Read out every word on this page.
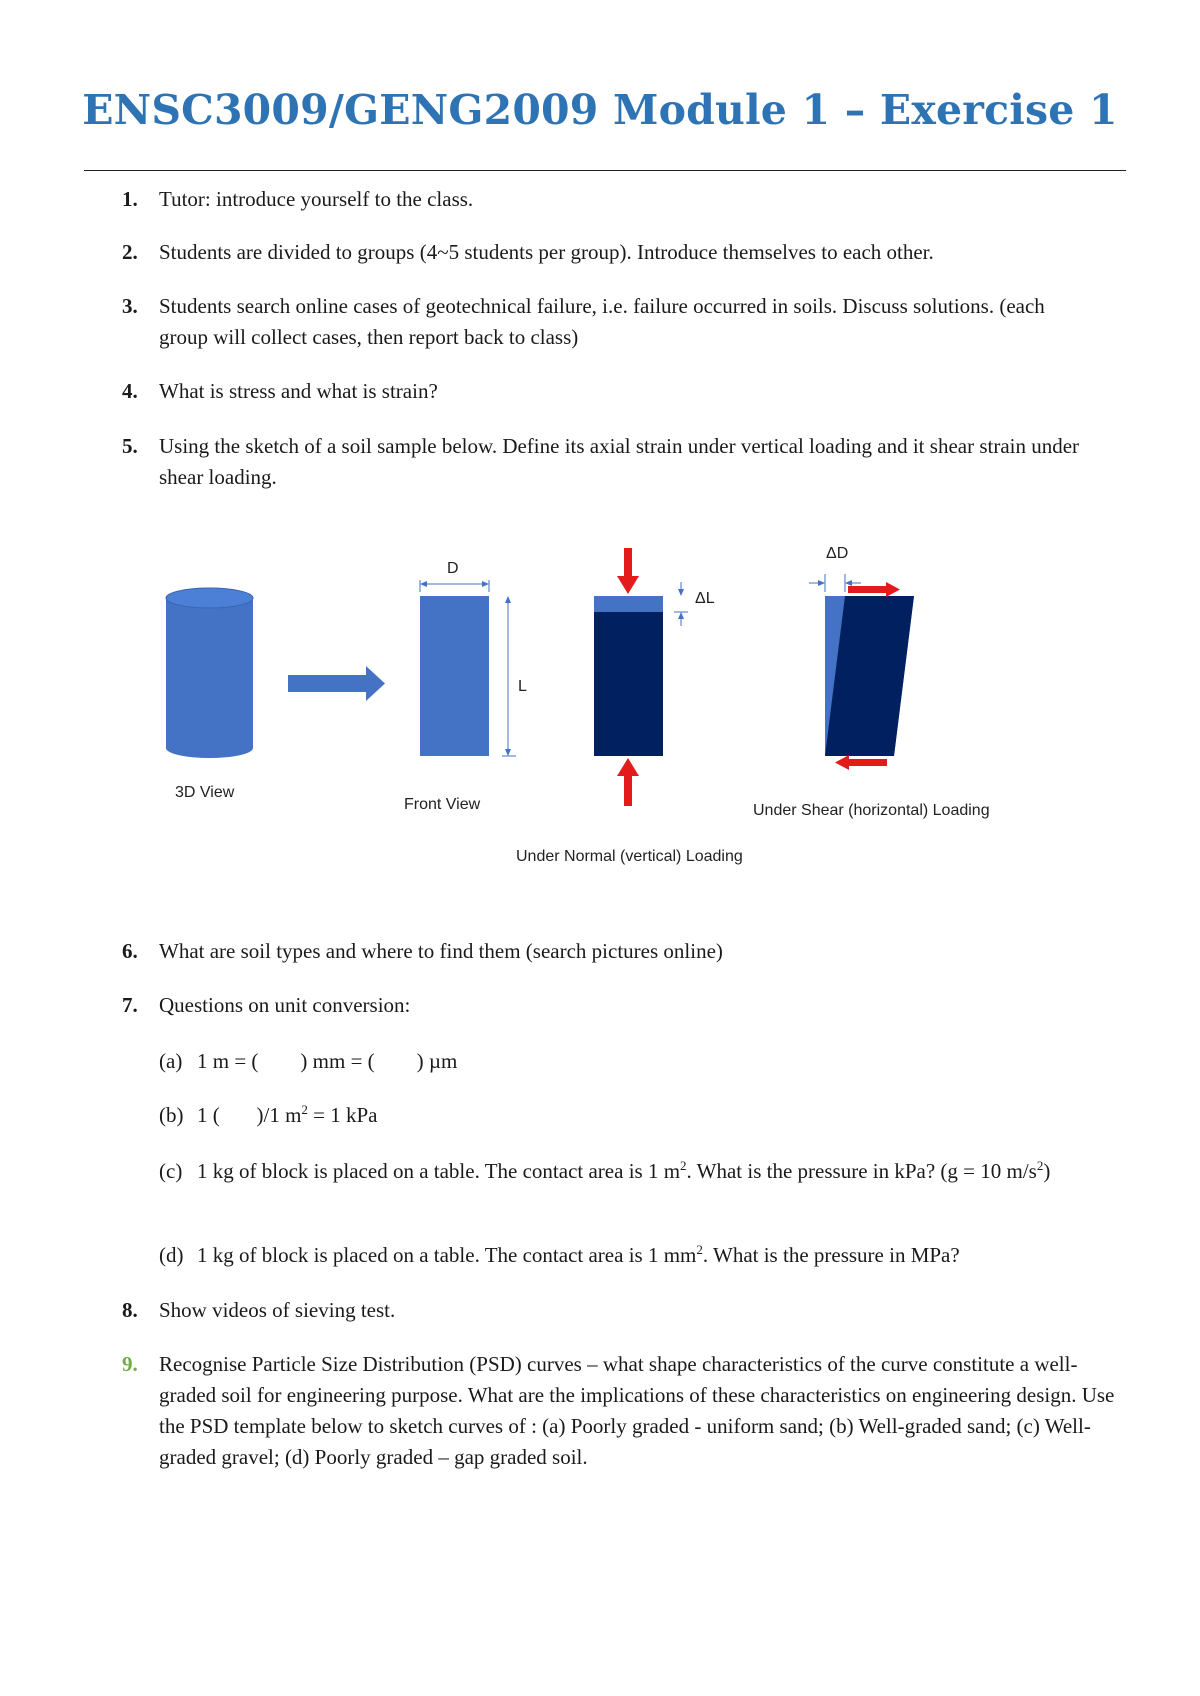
ENSC3009/GENG2009 Module 1 – Exercise 1
1. Tutor: introduce yourself to the class.
2. Students are divided to groups (4~5 students per group). Introduce themselves to each other.
3. Students search online cases of geotechnical failure, i.e. failure occurred in soils. Discuss solutions. (each group will collect cases, then report back to class)
4. What is stress and what is strain?
5. Using the sketch of a soil sample below. Define its axial strain under vertical loading and it shear strain under shear loading.
6. What are soil types and where to find them (search pictures online)
7. Questions on unit conversion:
(a) 1 m = (        ) mm = (        ) µm
(b) 1 (       )/1 $m^2 = 1$ kPa
(c) 1 kg of block is placed on a table. The contact area is 1 $m^2$. What is the pressure in kPa? (g = 10 $m/s^2$)
(d) 1 kg of block is placed on a table. The contact area is 1 $mm^2$. What is the pressure in MPa?
8. Show videos of sieving test.
9. Recognise Particle Size Distribution (PSD) curves – what shape characteristics of the curve constitute a well-graded soil for engineering purpose. What are the implications of these characteristics on engineering design. Use the PSD template below to sketch curves of : (a) Poorly graded - uniform sand; (b) Well-graded sand; (c) Well-graded gravel; (d) Poorly graded – gap graded soil.
D
L
ΔL
ΔD
3D View
Front View	Under Shear (horizontal) Loading
Under Normal (vertical) Loading
